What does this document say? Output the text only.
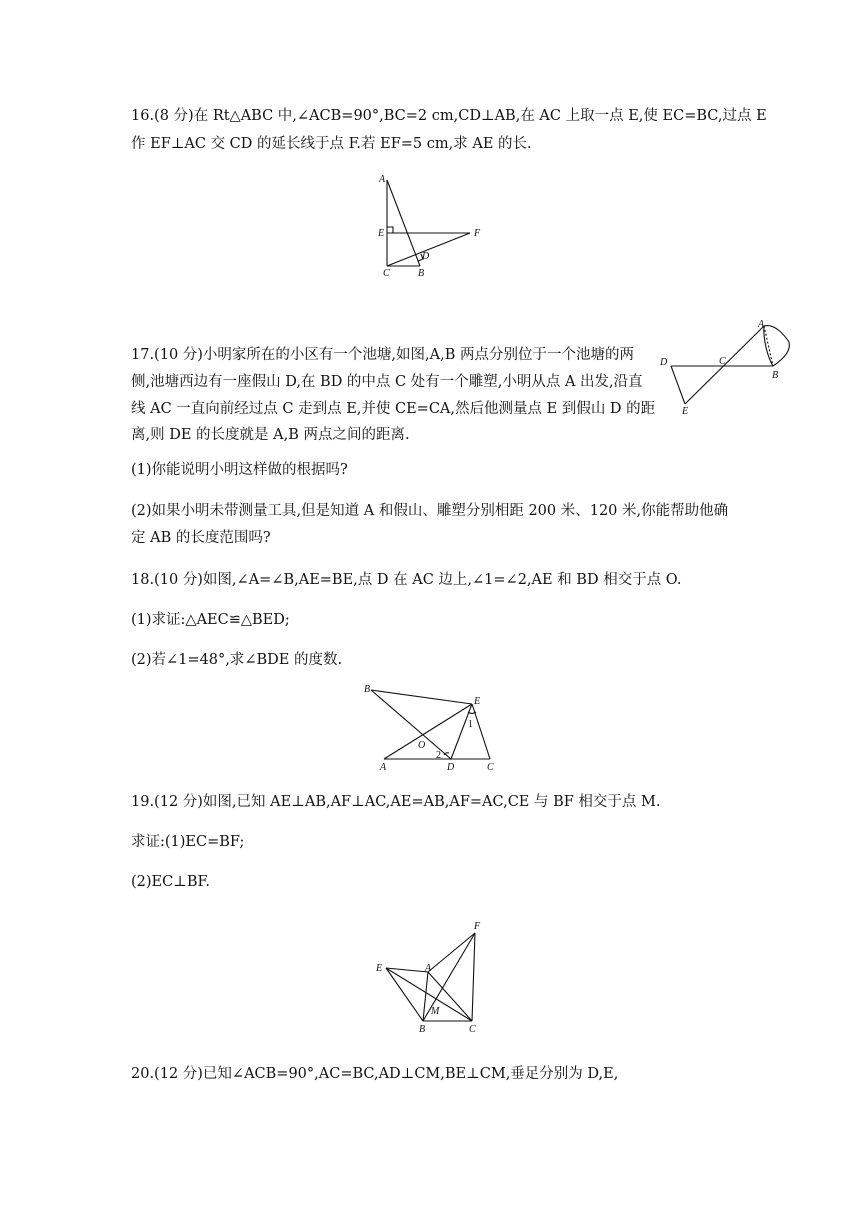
16.(8 分)在 Rt△ABC 中,∠ACB=90°,BC=2 cm,CD⊥AB,在 AC 上取一点 E,使 EC=BC,过点 E

作 EF⊥AC 交 CD 的延长线于点 F.若 EF=5 cm,求 AE 的长.

A
E	F
D
C	B

17.(10 分)小明家所在的小区有一个池塘,如图,A,B 两点分别位于一个池塘的两

侧,池塘西边有一座假山 D,在 BD 的中点 C 处有一个雕塑,小明从点 A 出发,沿直

线 AC 一直向前经过点 C 走到点 E,并使 CE=CA,然后他测量点 E 到假山 D 的距

离,则 DE 的长度就是 A,B 两点之间的距离.

A
D	C
B
E

(1)你能说明小明这样做的根据吗?

(2)如果小明未带测量工具,但是知道 A 和假山、雕塑分别相距 200 米、120 米,你能帮助他确

定 AB 的长度范围吗?

18.(10 分)如图,∠A=∠B,AE=BE,点 D 在 AC 边上,∠1=∠2,AE 和 BD 相交于点 O.

(1)求证:△AEC≌△BED;

(2)若∠1=48°,求∠BDE 的度数.

B
E
1
O
2
A	D	C

19.(12 分)如图,已知 AE⊥AB,AF⊥AC,AE=AB,AF=AC,CE 与 BF 相交于点 M.

求证:(1)EC=BF;

(2)EC⊥BF.

F
E	A
M
B	C

20.(12 分)已知∠ACB=90°,AC=BC,AD⊥CM,BE⊥CM,垂足分别为 D,E,
